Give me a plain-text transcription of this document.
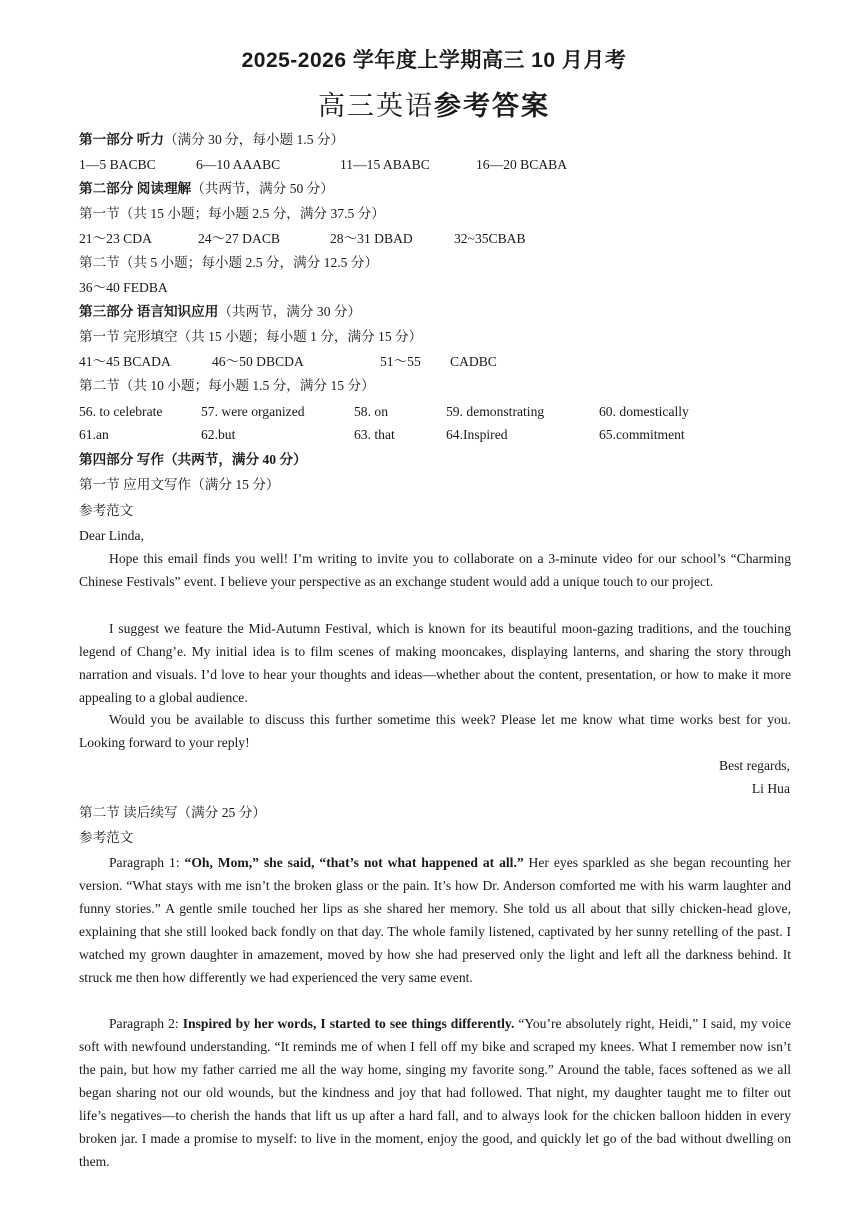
2025-2026 学年度上学期高三 10 月月考
高三英语参考答案
第一部分 听力（满分 30 分，每小题 1.5 分）
1—5 BACBC	6—10 AAABC	11—15 ABABC	16—20 BCABA
第二部分 阅读理解（共两节，满分 50 分）
第一节（共 15 小题；每小题 2.5 分，满分 37.5 分）
21～23 CDA	24～27 DACB	28～31 DBAD	32~35CBAB
第二节（共 5 小题；每小题 2.5 分，满分 12.5 分）
36～40 FEDBA
第三部分 语言知识应用（共两节，满分 30 分）
第一节 完形填空（共 15 小题；每小题 1 分，满分 15 分）
41～45 BCADA	46～50 DBCDA	51～55 CADBC
第二节（共 10 小题；每小题 1.5 分，满分 15 分）
56. to celebrate	57. were organized	58. on	59. demonstrating	60. domestically
61.an	62.but	63. that	64.Inspired	65.commitment
第四部分 写作（共两节，满分 40 分）
第一节 应用文写作（满分 15 分）
参考范文
Dear Linda,
Hope this email finds you well! I’m writing to invite you to collaborate on a 3-minute video for our school’s “Charming Chinese Festivals” event. I believe your perspective as an exchange student would add a unique touch to our project.
I suggest we feature the Mid-Autumn Festival, which is known for its beautiful moon-gazing traditions, and the touching legend of Chang’e. My initial idea is to film scenes of making mooncakes, displaying lanterns, and sharing the story through narration and visuals. I’d love to hear your thoughts and ideas—whether about the content, presentation, or how to make it more appealing to a global audience.
Would you be available to discuss this further sometime this week? Please let me know what time works best for you. Looking forward to your reply!
Best regards,
Li Hua
第二节 读后续写（满分 25 分）
参考范文
Paragraph 1: “Oh, Mom,” she said, “that’s not what happened at all.” Her eyes sparkled as she began recounting her version. “What stays with me isn’t the broken glass or the pain. It’s how Dr. Anderson comforted me with his warm laughter and funny stories.” A gentle smile touched her lips as she shared her memory. She told us all about that silly chicken-head glove, explaining that she still looked back fondly on that day. The whole family listened, captivated by her sunny retelling of the past. I watched my grown daughter in amazement, moved by how she had preserved only the light and left all the darkness behind. It struck me then how differently we had experienced the very same event.
Paragraph 2: Inspired by her words, I started to see things differently. “You’re absolutely right, Heidi,” I said, my voice soft with newfound understanding. “It reminds me of when I fell off my bike and scraped my knees. What I remember now isn’t the pain, but how my father carried me all the way home, singing my favorite song.” Around the table, faces softened as we all began sharing not our old wounds, but the kindness and joy that had followed. That night, my daughter taught me to filter out life’s negatives—to cherish the hands that lift us up after a hard fall, and to always look for the chicken balloon hidden in every broken jar. I made a promise to myself: to live in the moment, enjoy the good, and quickly let go of the bad without dwelling on them.
